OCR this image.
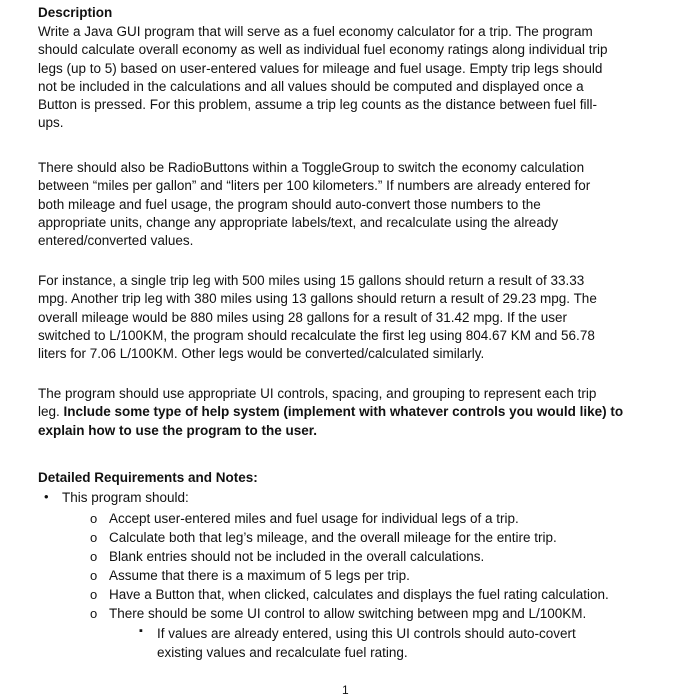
Description
Write a Java GUI program that will serve as a fuel economy calculator for a trip. The program
should calculate overall economy as well as individual fuel economy ratings along individual trip
legs (up to 5) based on user-entered values for mileage and fuel usage. Empty trip legs should
not be included in the calculations and all values should be computed and displayed once a
Button is pressed. For this problem, assume a trip leg counts as the distance between fuel fill-
ups.
There should also be RadioButtons within a ToggleGroup to switch the economy calculation
between “miles per gallon” and “liters per 100 kilometers.” If numbers are already entered for
both mileage and fuel usage, the program should auto-convert those numbers to the
appropriate units, change any appropriate labels/text, and recalculate using the already
entered/converted values.
For instance, a single trip leg with 500 miles using 15 gallons should return a result of 33.33
mpg. Another trip leg with 380 miles using 13 gallons should return a result of 29.23 mpg. The
overall mileage would be 880 miles using 28 gallons for a result of 31.42 mpg. If the user
switched to L/100KM, the program should recalculate the first leg using 804.67 KM and 56.78
liters for 7.06 L/100KM. Other legs would be converted/calculated similarly.
The program should use appropriate UI controls, spacing, and grouping to represent each trip
leg. Include some type of help system (implement with whatever controls you would like) to
explain how to use the program to the user.
Detailed Requirements and Notes:
• This program should:
o Accept user-entered miles and fuel usage for individual legs of a trip.
o Calculate both that leg’s mileage, and the overall mileage for the entire trip.
o Blank entries should not be included in the overall calculations.
o Assume that there is a maximum of 5 legs per trip.
o Have a Button that, when clicked, calculates and displays the fuel rating calculation.
o There should be some UI control to allow switching between mpg and L/100KM.
▪ If values are already entered, using this UI controls should auto-covert
existing values and recalculate fuel rating.
1
